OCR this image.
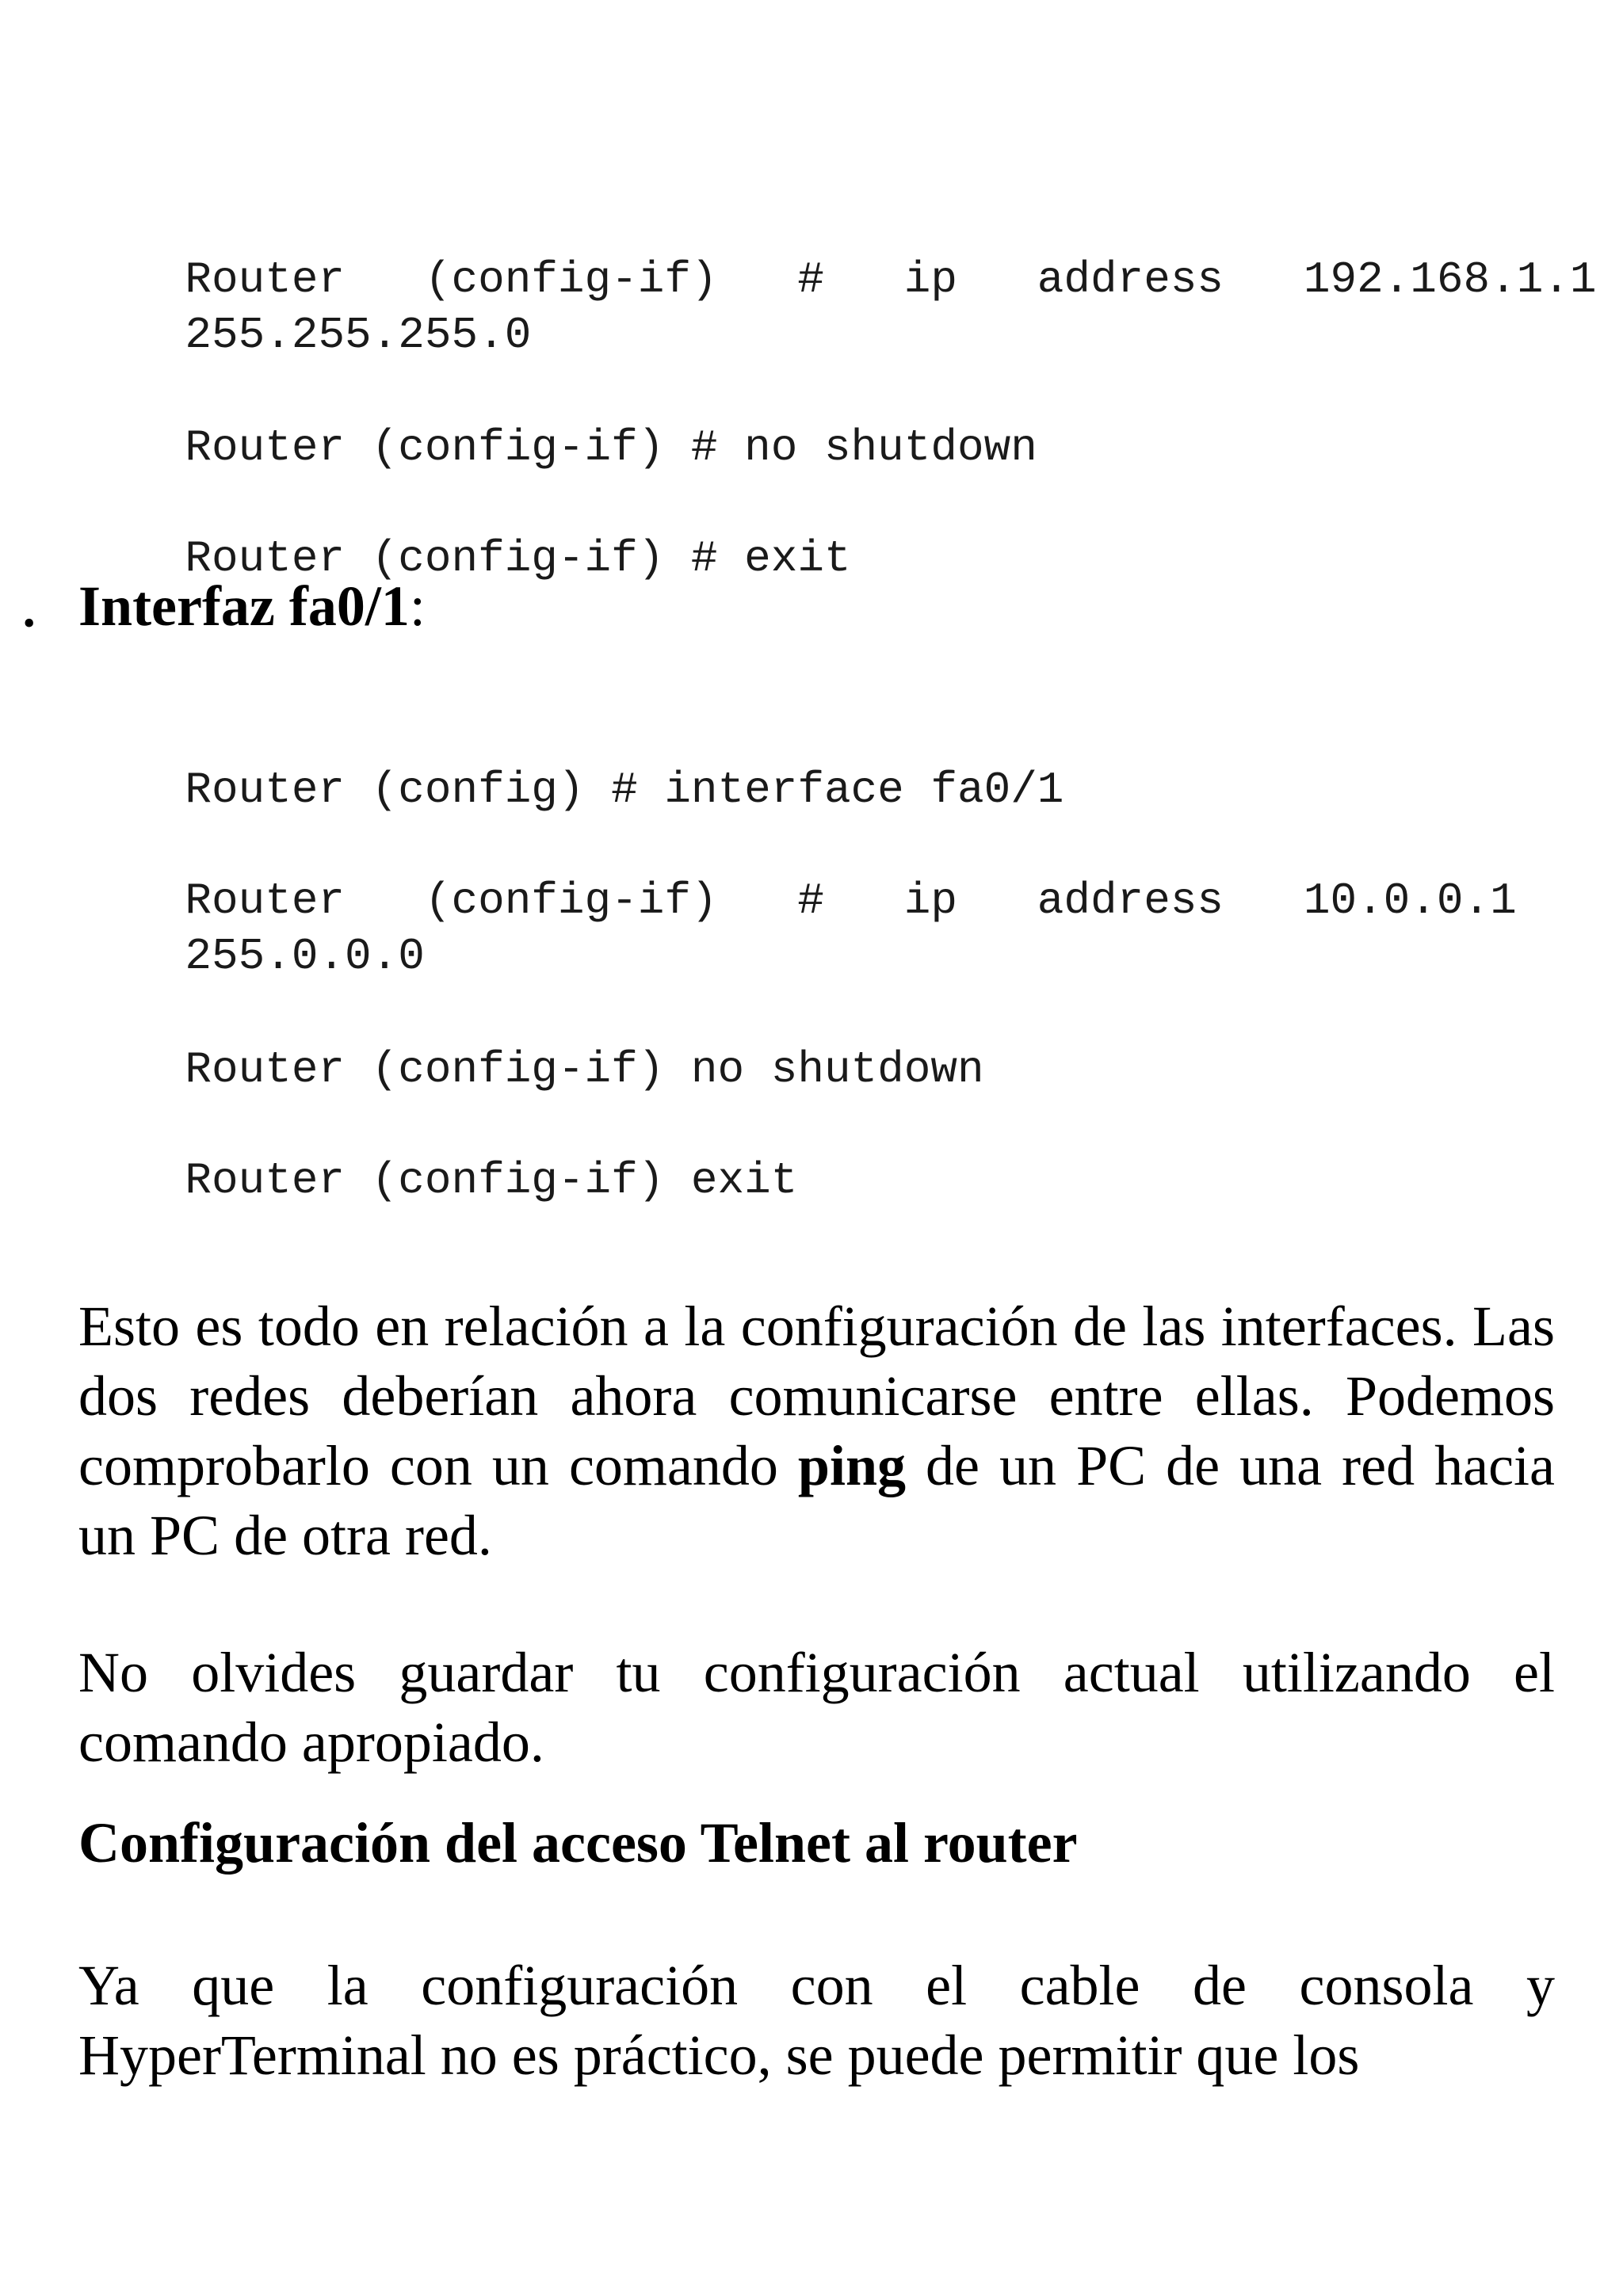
Router   (config-if)   #   ip   address   192.168.1.1

255.255.255.0

Router (config-if) # no shutdown

Router (config-if) # exit

• Interfaz fa0/1:

Router (config) # interface fa0/1

Router   (config-if)   #   ip   address   10.0.0.1

255.0.0.0

Router (config-if) no shutdown

Router (config-if) exit

Esto es todo en relación a la configuración de las interfaces. Las dos redes deberían ahora comunicarse entre ellas. Podemos comprobarlo con un comando ping de un PC de una red hacia un PC de otra red.

No olvides guardar tu configuración actual utilizando el comando apropiado.

Configuración del acceso Telnet al router

Ya que la configuración con el cable de consola y HyperTerminal no es práctico, se puede permitir que los
